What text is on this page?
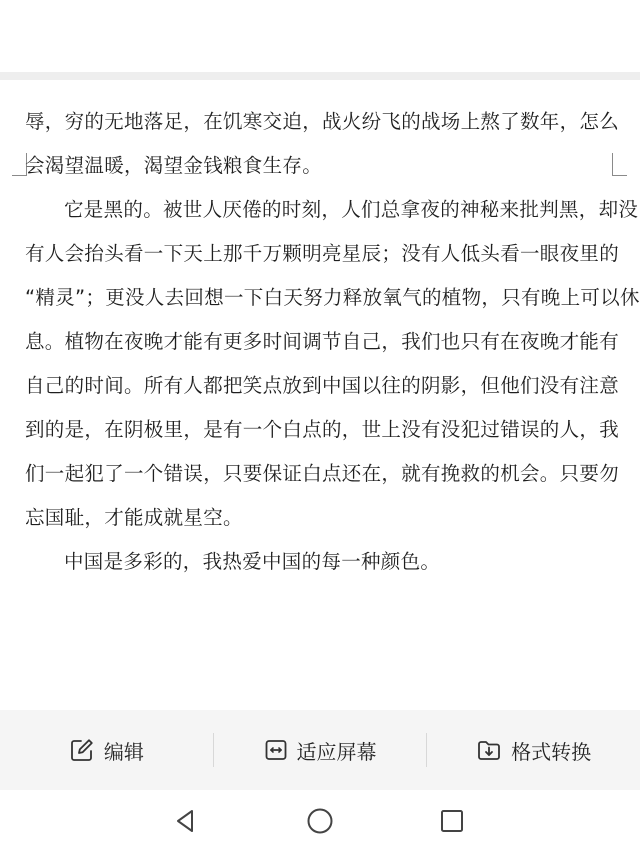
辱，穷的无地落足，在饥寒交迫，战火纷飞的战场上熬了数年，怎么
会渴望温暖，渴望金钱粮食生存。
它是黑的。被世人厌倦的时刻，人们总拿夜的神秘来批判黑，却没
有人会抬头看一下天上那千万颗明亮星辰；没有人低头看一眼夜里的
“精灵”；更没人去回想一下白天努力释放氧气的植物，只有晚上可以休
息。植物在夜晚才能有更多时间调节自己，我们也只有在夜晚才能有
自己的时间。所有人都把笑点放到中国以往的阴影，但他们没有注意
到的是，在阴极里，是有一个白点的，世上没有没犯过错误的人，我
们一起犯了一个错误，只要保证白点还在，就有挽救的机会。只要勿
忘国耻，才能成就星空。
中国是多彩的，我热爱中国的每一种颜色。
编辑	适应屏幕	格式转换
